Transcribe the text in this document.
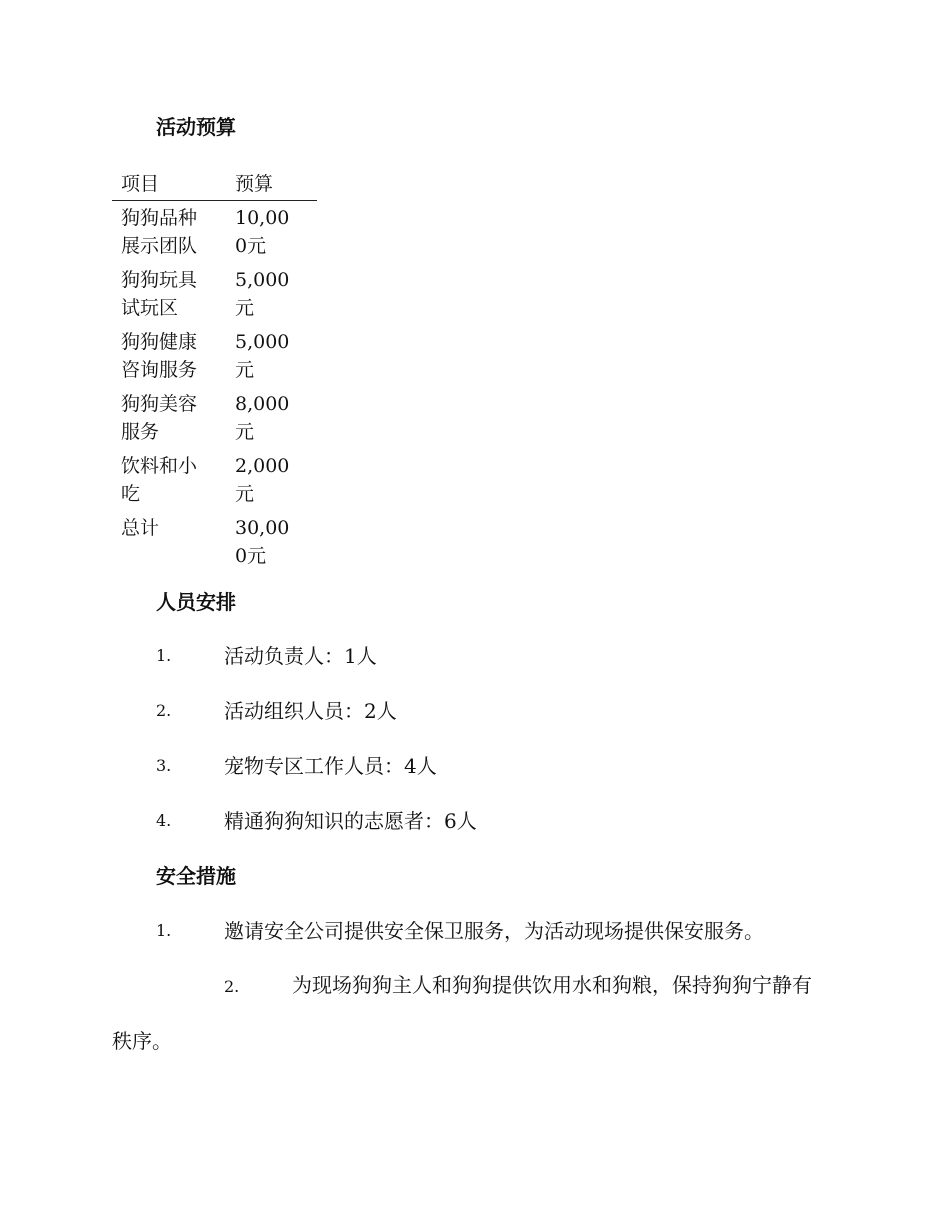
活动预算
项目	预算

狗狗品种展示团队	10,000元

狗狗玩具试玩区	5,000元

狗狗健康咨询服务	5,000元

狗狗美容服务	8,000元

饮料和小吃	2,000元

总计	30,000元
人员安排
1.	活动负责人：1人
2.	活动组织人员：2人
3.	宠物专区工作人员：4人
4.	精通狗狗知识的志愿者：6人
安全措施
1.	邀请安全公司提供安全保卫服务，为活动现场提供保安服务。
2.	为现场狗狗主人和狗狗提供饮用水和狗粮，保持狗狗宁静有秩序。
